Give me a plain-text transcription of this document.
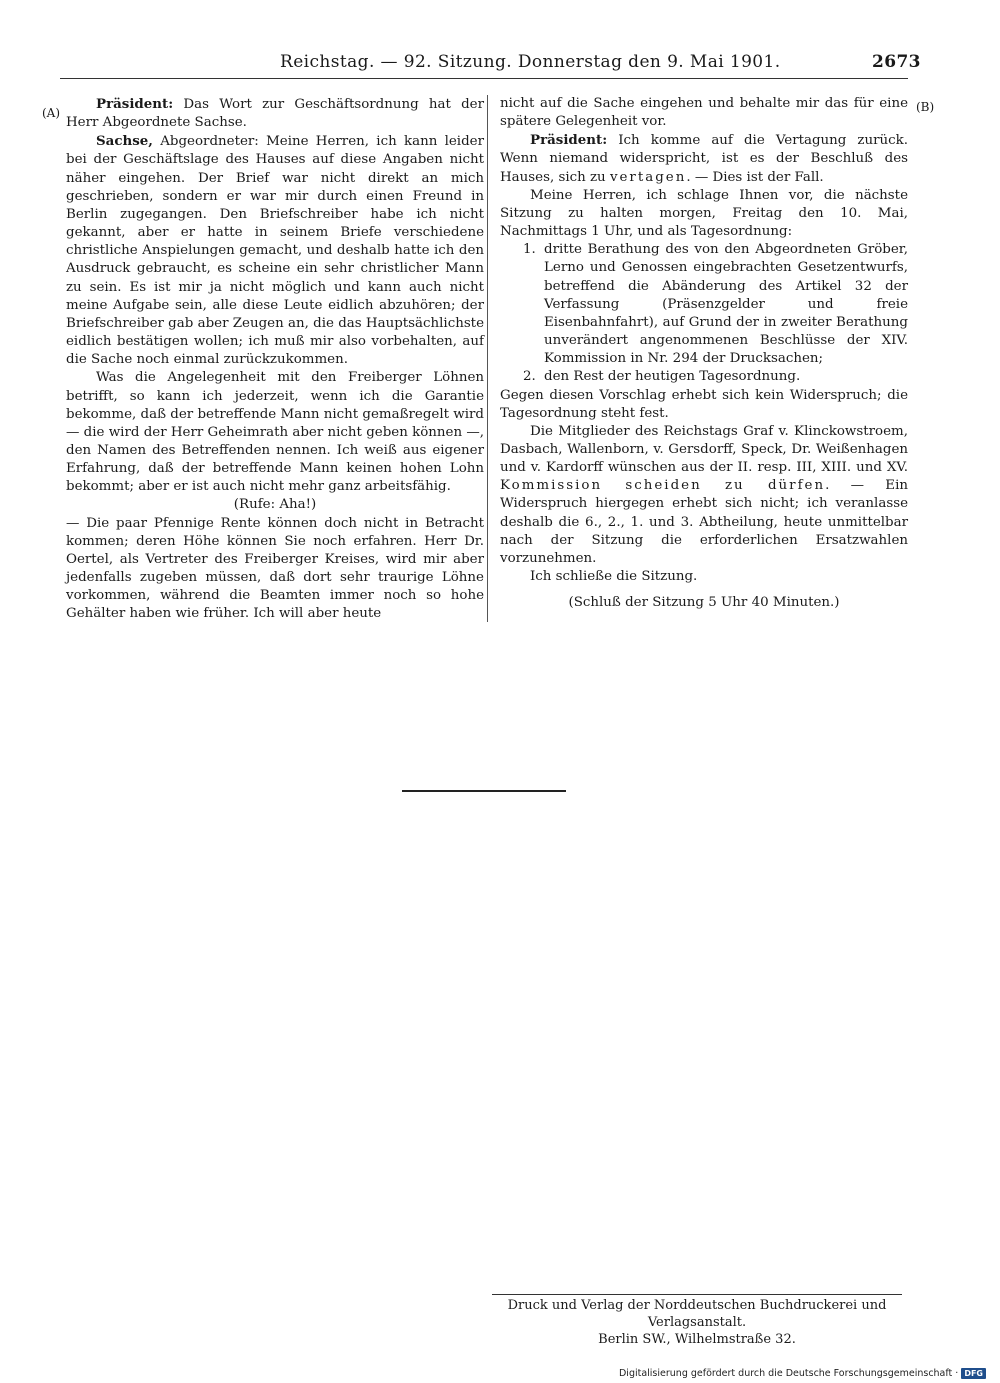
Reichstag. — 92. Sitzung. Donnerstag den 9. Mai 1901.	2673
(A)	(B)

Präsident: Das Wort zur Geschäftsordnung hat der Herr Abgeordnete Sachse.

Sachse, Abgeordneter: Meine Herren, ich kann leider bei der Geschäftslage des Hauses auf diese Angaben nicht näher eingehen. Der Brief war nicht direkt an mich geschrieben, sondern er war mir durch einen Freund in Berlin zugegangen. Den Briefschreiber habe ich nicht gekannt, aber er hatte in seinem Briefe verschiedene christliche Anspielungen gemacht, und deshalb hatte ich den Ausdruck gebraucht, es scheine ein sehr christlicher Mann zu sein. Es ist mir ja nicht möglich und kann auch nicht meine Aufgabe sein, alle diese Leute eidlich abzuhören; der Briefschreiber gab aber Zeugen an, die das Hauptsächlichste eidlich bestätigen wollen; ich muß mir also vorbehalten, auf die Sache noch einmal zurückzukommen.

Was die Angelegenheit mit den Freiberger Löhnen betrifft, so kann ich jederzeit, wenn ich die Garantie bekomme, daß der betreffende Mann nicht gemaßregelt wird — die wird der Herr Geheimrath aber nicht geben können —, den Namen des Betreffenden nennen. Ich weiß aus eigener Erfahrung, daß der betreffende Mann keinen hohen Lohn bekommt; aber er ist auch nicht mehr ganz arbeitsfähig.

(Rufe: Aha!)

— Die paar Pfennige Rente können doch nicht in Betracht kommen; deren Höhe können Sie noch erfahren. Herr Dr. Oertel, als Vertreter des Freiberger Kreises, wird mir aber jedenfalls zugeben müssen, daß dort sehr traurige Löhne vorkommen, während die Beamten immer noch so hohe Gehälter haben wie früher. Ich will aber heute

nicht auf die Sache eingehen und behalte mir das für eine spätere Gelegenheit vor.

Präsident: Ich komme auf die Vertagung zurück. Wenn niemand widerspricht, ist es der Beschluß des Hauses, sich zu vertagen. — Dies ist der Fall.

Meine Herren, ich schlage Ihnen vor, die nächste Sitzung zu halten morgen, Freitag den 10. Mai, Nachmittags 1 Uhr, und als Tagesordnung:

1. dritte Berathung des von den Abgeordneten Gröber, Lerno und Genossen eingebrachten Gesetzentwurfs, betreffend die Abänderung des Artikel 32 der Verfassung (Präsenzgelder und freie Eisenbahnfahrt), auf Grund der in zweiter Berathung unverändert angenommenen Beschlüsse der XIV. Kommission in Nr. 294 der Drucksachen;
2. den Rest der heutigen Tagesordnung.

Gegen diesen Vorschlag erhebt sich kein Widerspruch; die Tagesordnung steht fest.

Die Mitglieder des Reichstags Graf v. Klinckowstroem, Dasbach, Wallenborn, v. Gersdorff, Speck, Dr. Weißenhagen und v. Kardorff wünschen aus der II. resp. III, XIII. und XV. Kommission scheiden zu dürfen. — Ein Widerspruch hiergegen erhebt sich nicht; ich veranlasse deshalb die 6., 2., 1. und 3. Abtheilung, heute unmittelbar nach der Sitzung die erforderlichen Ersatzwahlen vorzunehmen.

Ich schließe die Sitzung.

(Schluß der Sitzung 5 Uhr 40 Minuten.)

Druck und Verlag der Norddeutschen Buchdruckerei und Verlagsanstalt.
Berlin SW., Wilhelmstraße 32.
Digitalisierung gefördert durch die Deutsche Forschungsgemeinschaft · DFG
